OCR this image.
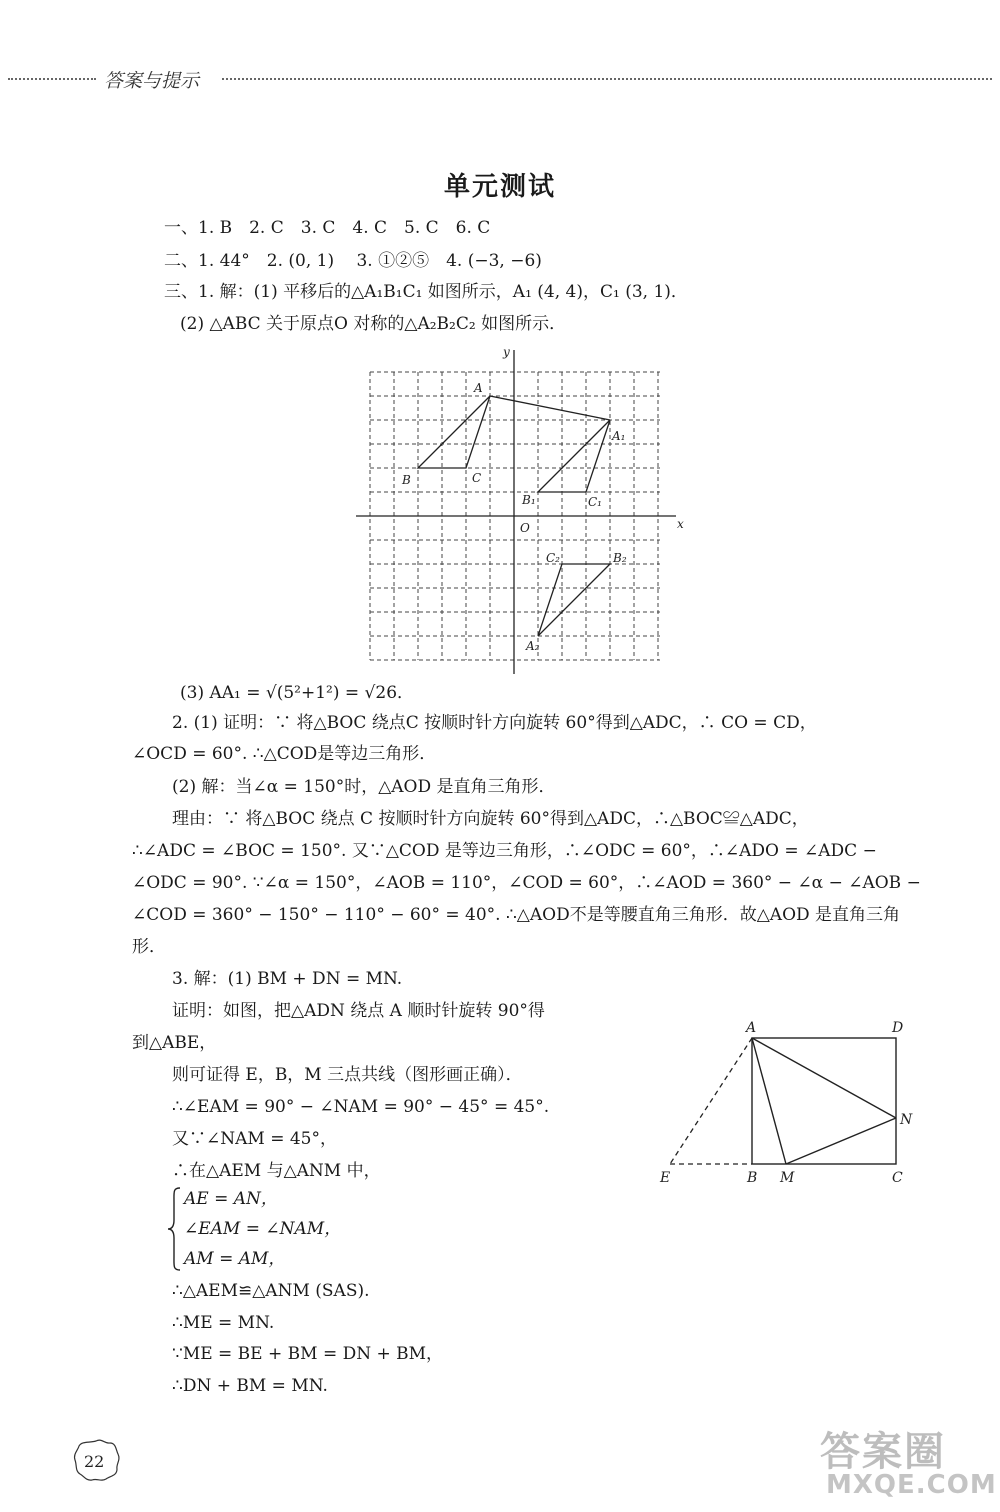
答案与提示
单元测试
一、1. B　2. C　3. C　4. C　5. C　6. C
二、1. 44°　2. (0, 1)　 3. ①②⑤　4. (−3, −6)
三、1. 解：(1) 平移后的△A₁B₁C₁ 如图所示，A₁ (4, 4)，C₁ (3, 1)．
(2) △ABC 关于原点O 对称的△A₂B₂C₂ 如图所示．
y
x
O
A
B	C
A₁
B₁	C₁
A₂
B₂
C₂
(3) AA₁ = √(5²+1²) = √26．
2. (1) 证明：∵ 将△BOC 绕点C 按顺时针方向旋转 60°得到△ADC，∴ CO = CD，
∠OCD = 60°. ∴△COD是等边三角形．
(2) 解：当∠α = 150°时，△AOD 是直角三角形．
理由：∵ 将△BOC 绕点 C 按顺时针方向旋转 60°得到△ADC，∴△BOC≌△ADC，
∴∠ADC = ∠BOC = 150°. 又∵△COD 是等边三角形，∴∠ODC = 60°，∴∠ADO = ∠ADC −
∠ODC = 90°. ∵∠α = 150°，∠AOB = 110°，∠COD = 60°，∴∠AOD = 360° − ∠α − ∠AOB −
∠COD = 360° − 150° − 110° − 60° = 40°. ∴△AOD不是等腰直角三角形．故△AOD 是直角三角
形．
3. 解：(1) BM + DN = MN.
证明：如图，把△ADN 绕点 A 顺时针旋转 90°得
到△ABE，
则可证得 E，B，M 三点共线（图形画正确）．
∴∠EAM = 90° − ∠NAM = 90° − 45° = 45°.
又∵∠NAM = 45°，
∴在△AEM 与△ANM 中，
AE = AN，
∠EAM = ∠NAM，
AM = AM，
∴△AEM≌△ANM (SAS).
∴ME = MN.
∵ME = BE + BM = DN + BM，
∴DN + BM = MN.
A	D
N
E	B M	C
22	答案圈
MXQE.COM
